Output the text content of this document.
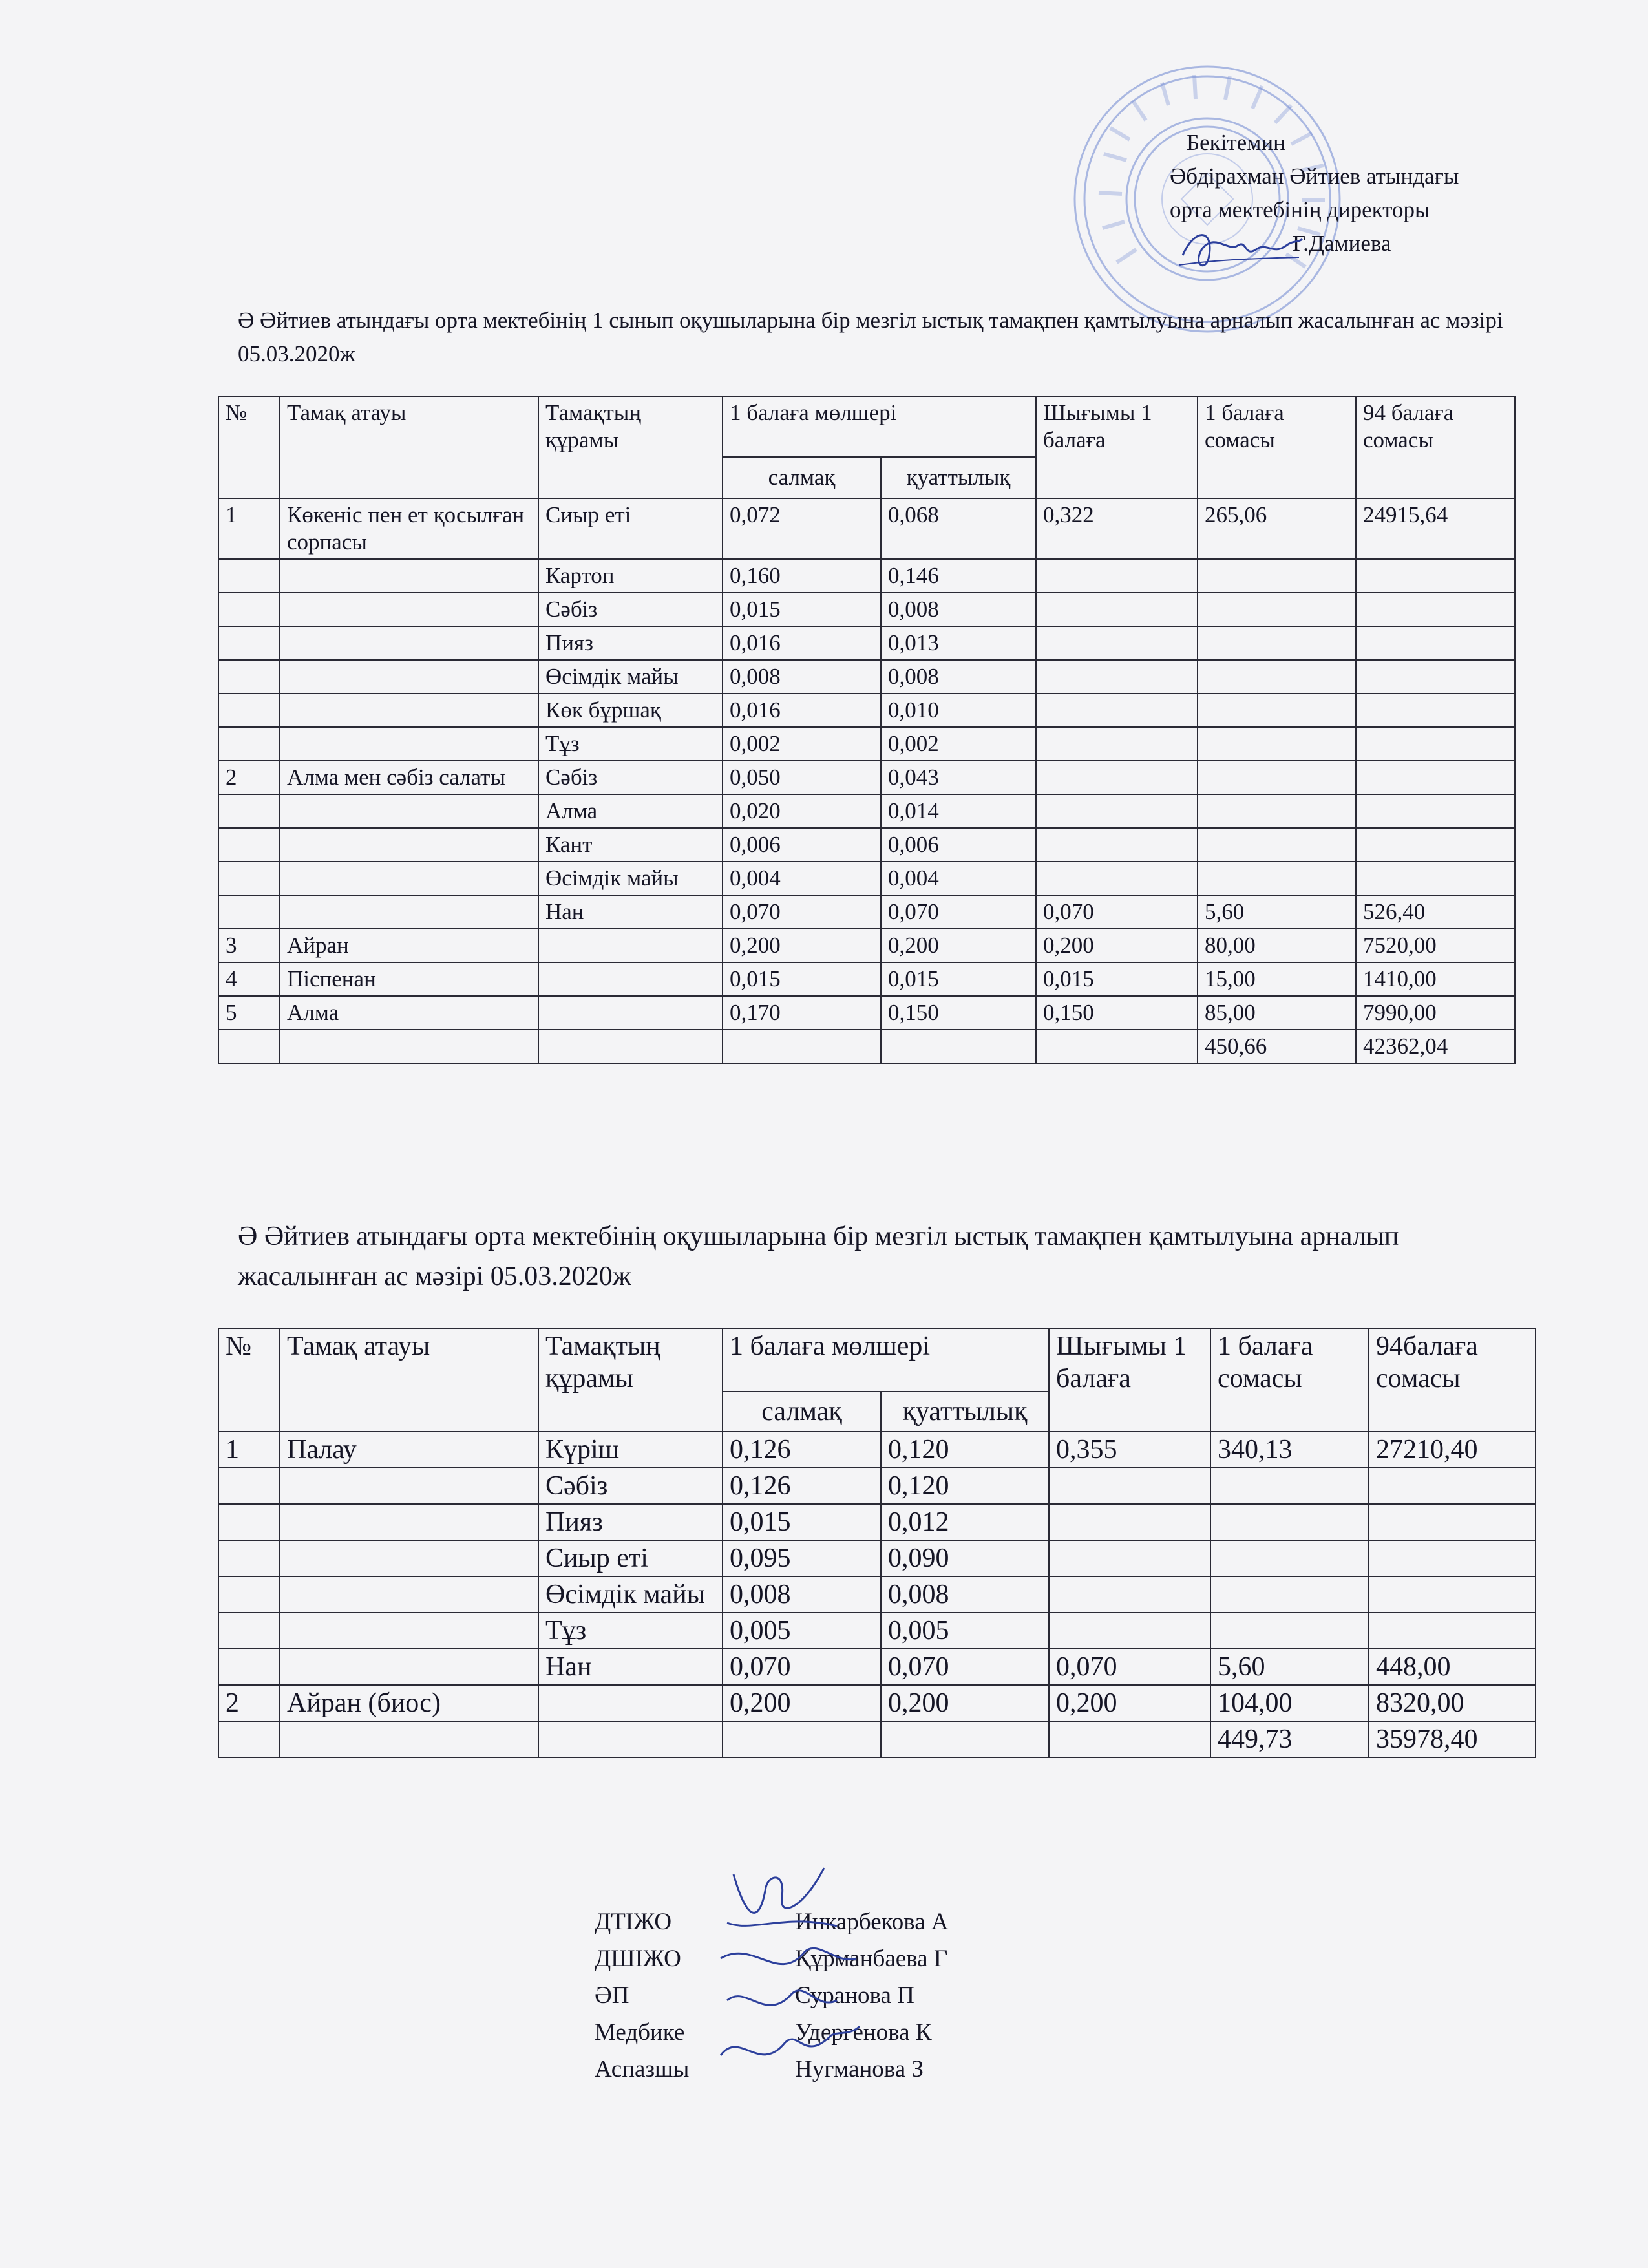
Бекітемин
Әбдірахман Әйтиев атындағы
орта мектебінің директоры
Г.Дамиева
Ә Әйтиев атындағы орта мектебінің 1 сынып оқушыларына бір мезгіл ыстық тамақпен қамтылуына арналып жасалынған ас мәзірі 05.03.2020ж
№	Тамақ атауы	Тамақтың құрамы	1 балаға мөлшері		Шығымы 1 балаға	1 балаға сомасы	94 балаға сомасы
			салмақ	қуаттылық			
1	Көкеніс пен ет қосылған сорпасы	Сиыр еті	0,072	0,068	0,322	265,06	24915,64
		Картоп	0,160	0,146			
		Сәбіз	0,015	0,008			
		Пияз	0,016	0,013			
		Өсімдік майы	0,008	0,008			
		Көк бұршақ	0,016	0,010			
		Тұз	0,002	0,002			
2	Алма мен сәбіз салаты	Сәбіз	0,050	0,043			
		Алма	0,020	0,014			
		Кант	0,006	0,006			
		Өсімдік майы	0,004	0,004			
		Нан	0,070	0,070	0,070	5,60	526,40
3	Айран		0,200	0,200	0,200	80,00	7520,00
4	Піспенан		0,015	0,015	0,015	15,00	1410,00
5	Алма		0,170	0,150	0,150	85,00	7990,00
						450,66	42362,04
Ә Әйтиев атындағы орта мектебінің оқушыларына бір мезгіл ыстық тамақпен қамтылуына арналып жасалынған ас мәзірі 05.03.2020ж
№	Тамақ атауы	Тамақтың құрамы	1 балаға мөлшері		Шығымы 1 балаға	1 балаға сомасы	94балаға сомасы
			салмақ	қуаттылық			
1	Палау	Күріш	0,126	0,120	0,355	340,13	27210,40
		Сәбіз	0,126	0,120			
		Пияз	0,015	0,012			
		Сиыр еті	0,095	0,090			
		Өсімдік майы	0,008	0,008			
		Тұз	0,005	0,005			
		Нан	0,070	0,070	0,070	5,60	448,00
2	Айран (биос)		0,200	0,200	0,200	104,00	8320,00
						449,73	35978,40
ДТІЖО	Инкарбекова А
ДШІЖО	Құрманбаева Г
ӘП	Суранова П
Медбике	Удергенова К
Аспазшы	Нугманова З
